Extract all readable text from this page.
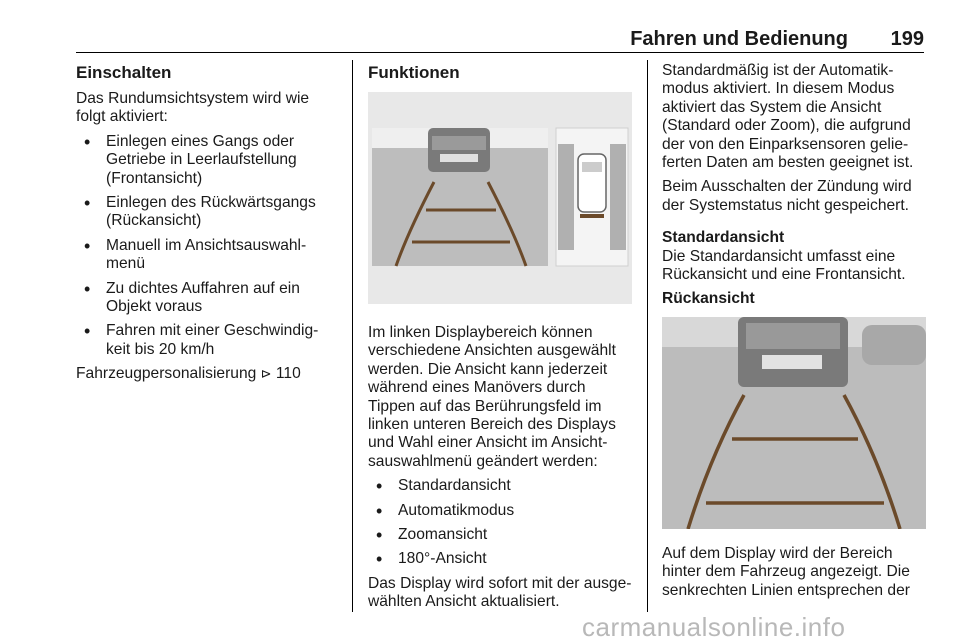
Fahren und Bedienung 199
Einschalten

Das Rundumsichtsystem wird wie folgt aktiviert:

• Einlegen eines Gangs oder Getriebe in Leerlaufstellung (Frontansicht)
• Einlegen des Rückwärtsgangs (Rückansicht)
• Manuell im Ansichtsauswahl-menü
• Zu dichtes Auffahren auf ein Objekt voraus
• Fahren mit einer Geschwindig-keit bis 20 km/h

Fahrzeugpersonalisierung ⊳ 110

Funktionen

Im linken Displaybereich können verschiedene Ansichten ausgewählt werden. Die Ansicht kann jederzeit während eines Manövers durch Tippen auf das Berührungsfeld im linken unteren Bereich des Displays und Wahl einer Ansicht im Ansicht-sauswahlmenü geändert werden:

• Standardansicht
• Automatikmodus
• Zoomansicht
• 180°-Ansicht

Das Display wird sofort mit der ausge-wählten Ansicht aktualisiert.

Standardmäßig ist der Automatik-modus aktiviert. In diesem Modus aktiviert das System die Ansicht (Standard oder Zoom), die aufgrund der von den Einparksensoren gelie-ferten Daten am besten geeignet ist.

Beim Ausschalten der Zündung wird der Systemstatus nicht gespeichert.

Standardansicht

Die Standardansicht umfasst eine Rückansicht und eine Frontansicht.

Rückansicht

Auf dem Display wird der Bereich hinter dem Fahrzeug angezeigt. Die senkrechten Linien entsprechen der

carmanualsonline.info
